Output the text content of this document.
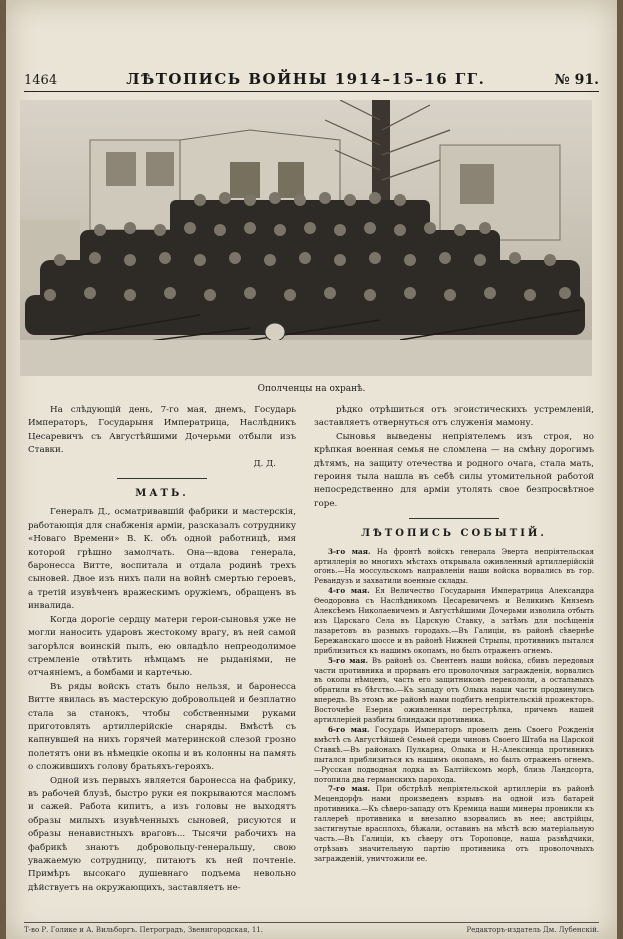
1464	ЛѢТОПИСЬ ВОЙНЫ 1914–15–16 ГГ.	№ 91.
Ополченцы на охранѣ.

На слѣдующій день, 7-го мая, днемъ, Государь Императоръ, Государыня Императрица, Наслѣдникъ Цесаревичъ съ Августѣйшими Дочерьми отбыли изъ Ставки.

Д. Д.
МАТЬ.

Генералъ Д., осматривавшій фабрики и мастерскія, работающія для снабженія арміи, разсказалъ сотруднику «Новаго Времени» В. К. объ одной работницѣ, имя которой грѣшно замолчать. Она—вдова генерала, баронесса Витте, воспитала и отдала родинѣ трехъ сыновей. Двое изъ нихъ пали на войнѣ смертью героевъ, а третій изувѣченъ вражескимъ оружіемъ, обращенъ въ инвалида.

Когда дорогіе сердцу матери герои-сыновья уже не могли наносить ударовъ жестокому врагу, въ ней самой загорѣлся воинскій пылъ, ею овладѣло непреодолимое стремленіе отвѣтить нѣмцамъ не рыданіями, не отчаяніемъ, а бомбами и картечью.

Въ ряды войскъ стать было нельзя, и баронесса Витте явилась въ мастерскую добровольцей и безплатно стала за станокъ, чтобы собственными руками приготовлять артиллерійскіе снаряды. Вмѣстѣ съ капнувшей на нихъ горячей материнской слезой грозно полетятъ они въ нѣмецкіе окопы и въ колонны на память о сложившихъ голову братьяхъ-герояхъ.

Одной изъ первыхъ является баронесса на фабрику, въ рабочей блузѣ, быстро руки ея покрываются масломъ и сажей. Работа кипитъ, а изъ головы не выходятъ образы милыхъ изувѣченныхъ сыновей, рисуются и образы ненавистныхъ враговъ... Тысячи рабочихъ на фабрикѣ знаютъ добровольцу-генеральшу, свою уважаемую сотрудницу, питаютъ къ ней почтеніе. Примѣръ высокаго душевнаго подъема невольно дѣйствуетъ на окружающихъ, заставляетъ не-

рѣдко отрѣшиться отъ эгоистическихъ устремленій, заставляетъ отвернуться отъ служенія мамону.

Сыновья выведены непріятелемъ изъ строя, но крѣпкая военная семья не сломлена — на смѣну дорогимъ дѣтямъ, на защиту отечества и родного очага, стала мать, героиня тыла нашла въ себѣ силы утомительной работой непосредственно для арміи утолять свое безпросвѣтное горе.

ЛѢТОПИСЬ СОБЫТІЙ.

3-го мая. На фронтѣ войскъ генерала Эверта непріятельская артиллерія во многихъ мѣстахъ открывала оживленный артиллерійскій огонь.—На моссульскомъ направленіи наши войска ворвались въ гор. Ревандузъ и захватили военные склады.

4-го мая. Ея Величество Государыня Императрица Александра Өеодоровна съ Наслѣдникомъ Цесаревичемъ и Великимъ Княземъ Алексѣемъ Николаевичемъ и Августѣйшими Дочерьми изволила отбыть изъ Царскаго Села въ Царскую Ставку, а затѣмъ для посѣщенія лазаретовъ въ разныхъ городахъ.—Въ Галиціи, въ районѣ сѣвернѣе Бережанскаго шоссе и въ районѣ Нижней Стрыпы, противникъ пытался приблизиться къ нашимъ окопамъ, но былъ отраженъ огнемъ.

5-го мая. Въ районѣ оз. Свентенъ наши войска, сбивъ передовыя части противника и прорвавъ его проволочныя загражденія, ворвались въ окопы нѣмцевъ, часть его защитниковъ перекололи, а остальныхъ обратили въ бѣгство.—Къ западу отъ Олыка наши части продвинулись впередъ. Въ этомъ же районѣ нами подбитъ непріятельскій прожекторъ. Восточнѣе Езерна оживленная перестрѣлка, причемъ нашей артиллеріей разбиты блиндажи противника.

6-го мая. Государь Императоръ провелъ день Своего Рожденія вмѣстѣ съ Августѣйшей Семьей среди чиновъ Своего Штаба на Царской Ставкѣ.—Въ районахъ Пулкарна, Олыка и Н.-Алексинца противникъ пытался приблизиться къ нашимъ окопамъ, но былъ отраженъ огнемъ.—Русская подводная лодка въ Балтійскомъ морѣ, близь Ландсорта, потопила два германскихъ парохода.

7-го мая. При обстрѣлѣ непріятельской артиллеріи въ районѣ Мецендорфъ нами произведенъ взрывъ на одной изъ батарей противника.—Къ сѣверо-западу отъ Кремица наши минеры проникли къ галлереѣ противника и внезапно взорвались въ нее; австрійцы, застигнутые врасплохъ, бѣжали, оставивъ на мѣстѣ всю матеріальную часть.—Въ Галиціи, къ сѣверу отъ Тороповце, наша развѣдчики, отрѣзавъ значительную партію противника отъ проволочныхъ загражденій, уничтожили ее.

Т-во Р. Голике и А. Вильборгъ. Петроградъ, Звенигородская, 11.	Редакторъ-издатель Дм. Лубенскій.
